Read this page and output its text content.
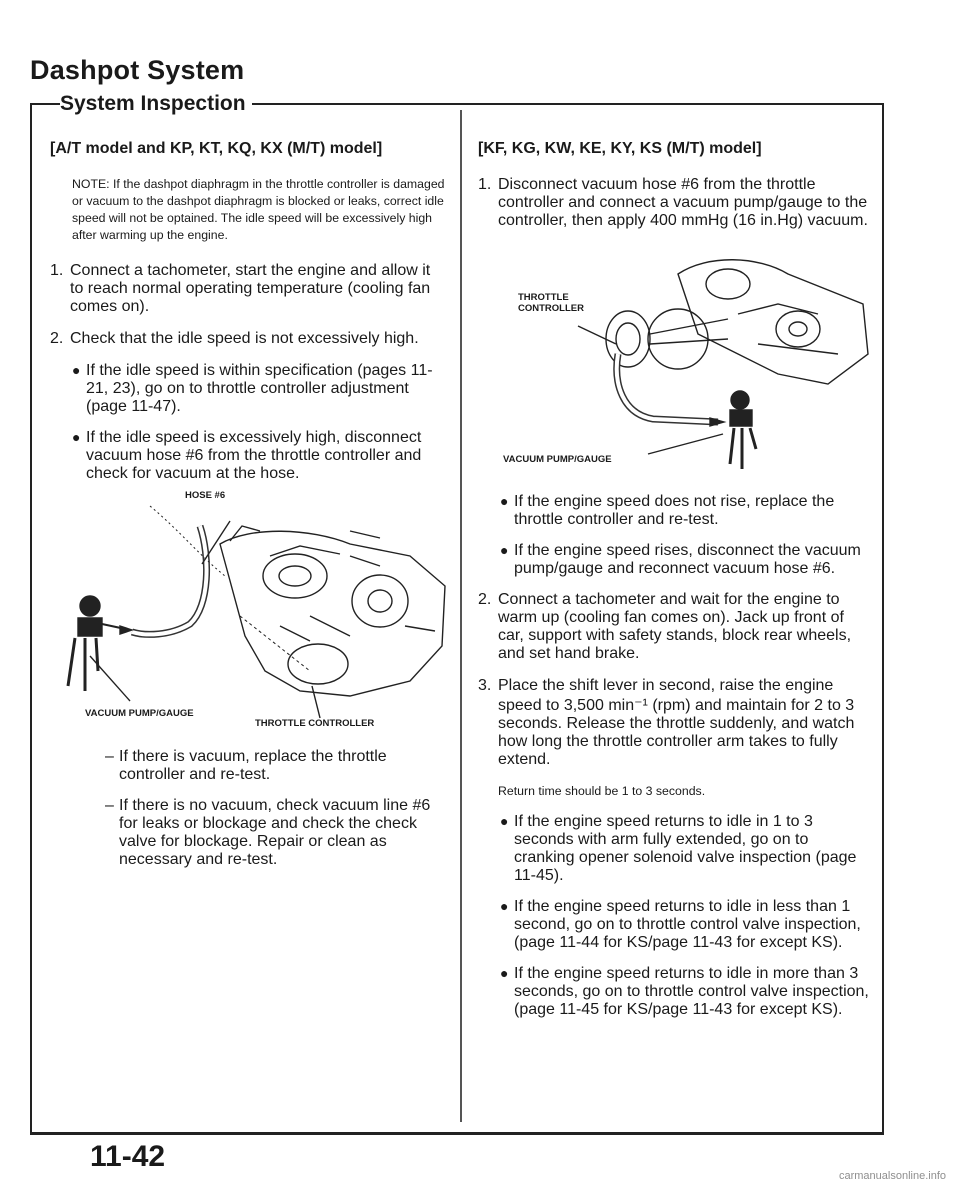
Dashpot System
System Inspection
[A/T model and KP, KT, KQ, KX (M/T) model]

NOTE: If the dashpot diaphragm in the throttle controller is damaged or vacuum to the dashpot diaphragm is blocked or leaks, correct idle speed will not be optained. The idle speed will be excessively high after warming up the engine.

1. Connect a tachometer, start the engine and allow it to reach normal operating temperature (cooling fan comes on).
2. Check that the idle speed is not excessively high.
● If the idle speed is within specification (pages 11-21, 23), go on to throttle controller adjustment (page 11-47).
● If the idle speed is excessively high, disconnect vacuum hose #6 from the throttle controller and check for vacuum at the hose.
HOSE #6
VACUUM PUMP/GAUGE
THROTTLE CONTROLLER
– If there is vacuum, replace the throttle controller and re-test.
– If there is no vacuum, check vacuum line #6 for leaks or blockage and check the check valve for blockage. Repair or clean as necessary and re-test.
[KF, KG, KW, KE, KY, KS (M/T) model]
1. Disconnect vacuum hose #6 from the throttle controller and connect a vacuum pump/gauge to the controller, then apply 400 mmHg (16 in.Hg) vacuum.
THROTTLE
CONTROLLER
VACUUM PUMP/GAUGE
● If the engine speed does not rise, replace the throttle controller and re-test.
● If the engine speed rises, disconnect the vacuum pump/gauge and reconnect vacuum hose #6.
2. Connect a tachometer and wait for the engine to warm up (cooling fan comes on). Jack up front of car, support with safety stands, block rear wheels, and set hand brake.
3. Place the shift lever in second, raise the engine speed to 3,500 min⁻¹ (rpm) and maintain for 2 to 3 seconds. Release the throttle suddenly, and watch how long the throttle controller arm takes to fully extend.

Return time should be 1 to 3 seconds.

● If the engine speed returns to idle in 1 to 3 seconds with arm fully extended, go on to cranking opener solenoid valve inspection (page 11-45).
● If the engine speed returns to idle in less than 1 second, go on to throttle control valve inspection, (page 11-44 for KS/page 11-43 for except KS).
● If the engine speed returns to idle in more than 3 seconds, go on to throttle control valve inspection, (page 11-45 for KS/page 11-43 for except KS).
11-42
carmanualsonline.info
